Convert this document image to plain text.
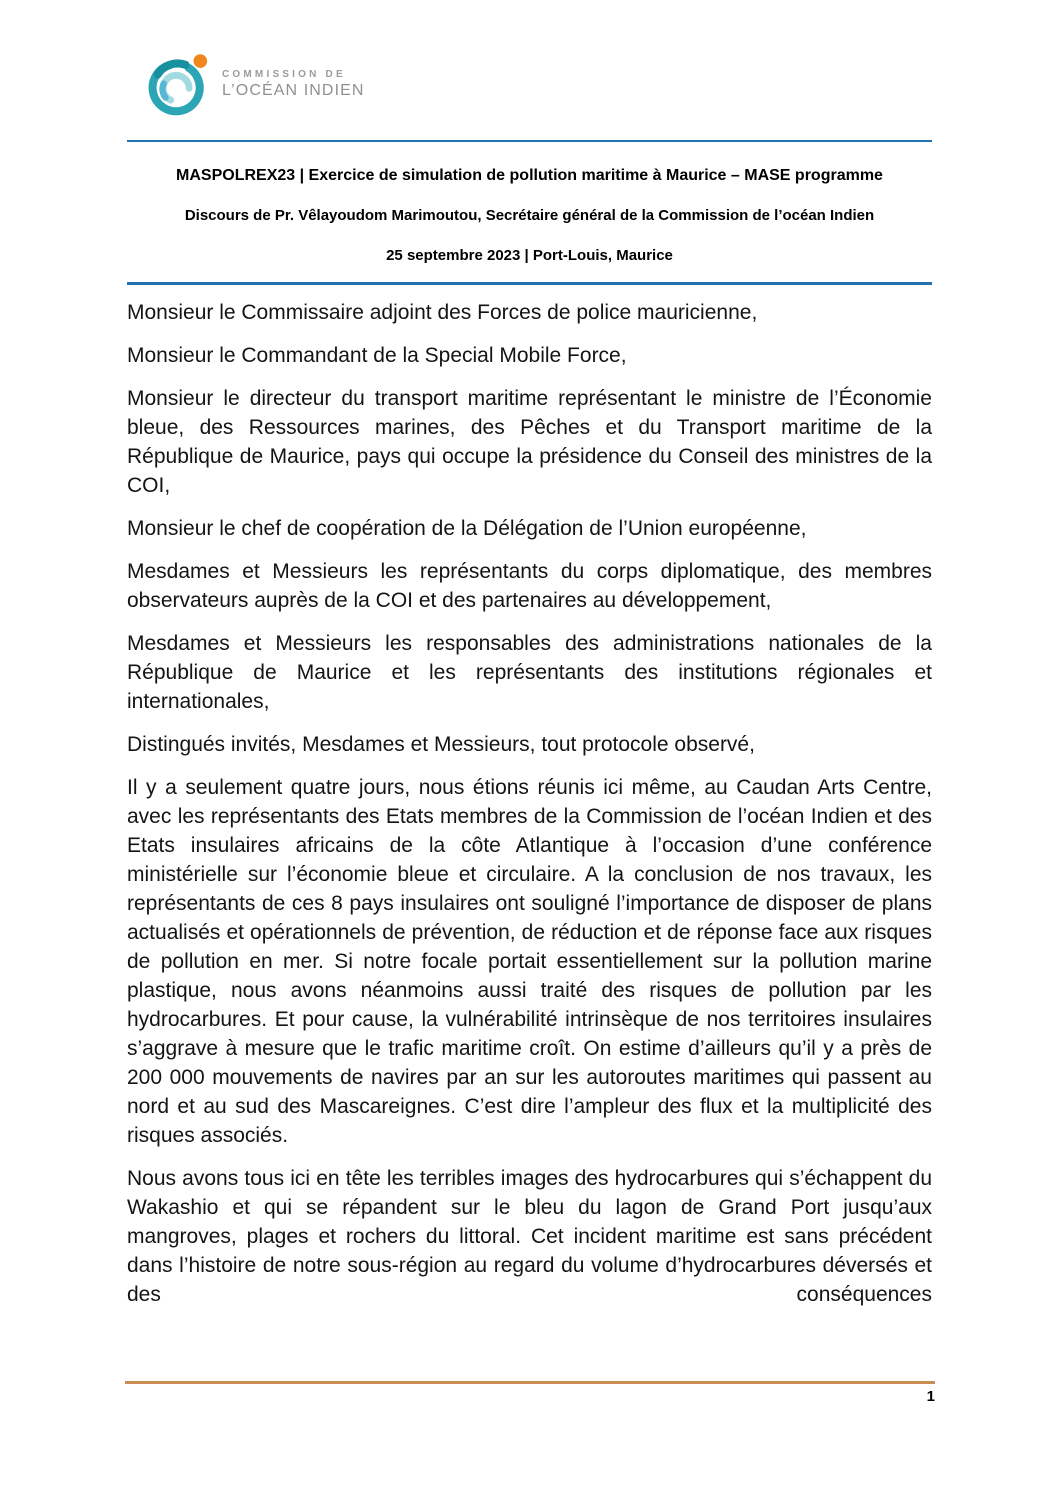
COMMISSION DE
L’OCÉAN INDIEN
MASPOLREX23 | Exercice de simulation de pollution maritime à Maurice – MASE programme
Discours de Pr. Vêlayoudom Marimoutou, Secrétaire général de la Commission de l’océan Indien
25 septembre 2023 | Port-Louis, Maurice

Monsieur le Commissaire adjoint des Forces de police mauricienne,

Monsieur le Commandant de la Special Mobile Force,

Monsieur le directeur du transport maritime représentant le ministre de l’Économie bleue, des Ressources marines, des Pêches et du Transport maritime de la République de Maurice, pays qui occupe la présidence du Conseil des ministres de la COI,

Monsieur le chef de coopération de la Délégation de l’Union européenne,

Mesdames et Messieurs les représentants du corps diplomatique, des membres observateurs auprès de la COI et des partenaires au développement,

Mesdames et Messieurs les responsables des administrations nationales de la République de Maurice et les représentants des institutions régionales et internationales,

Distingués invités, Mesdames et Messieurs, tout protocole observé,

Il y a seulement quatre jours, nous étions réunis ici même, au Caudan Arts Centre, avec les représentants des Etats membres de la Commission de l’océan Indien et des Etats insulaires africains de la côte Atlantique à l’occasion d’une conférence ministérielle sur l’économie bleue et circulaire. A la conclusion de nos travaux, les représentants de ces 8 pays insulaires ont souligné l’importance de disposer de plans actualisés et opérationnels de prévention, de réduction et de réponse face aux risques de pollution en mer. Si notre focale portait essentiellement sur la pollution marine plastique, nous avons néanmoins aussi traité des risques de pollution par les hydrocarbures. Et pour cause, la vulnérabilité intrinsèque de nos territoires insulaires s’aggrave à mesure que le trafic maritime croît. On estime d’ailleurs qu’il y a près de 200 000 mouvements de navires par an sur les autoroutes maritimes qui passent au nord et au sud des Mascareignes. C’est dire l’ampleur des flux et la multiplicité des risques associés.

Nous avons tous ici en tête les terribles images des hydrocarbures qui s’échappent du Wakashio et qui se répandent sur le bleu du lagon de Grand Port jusqu’aux mangroves, plages et rochers du littoral. Cet incident maritime est sans précédent dans l’histoire de notre sous-région au regard du volume d’hydrocarbures déversés et des conséquences

1
